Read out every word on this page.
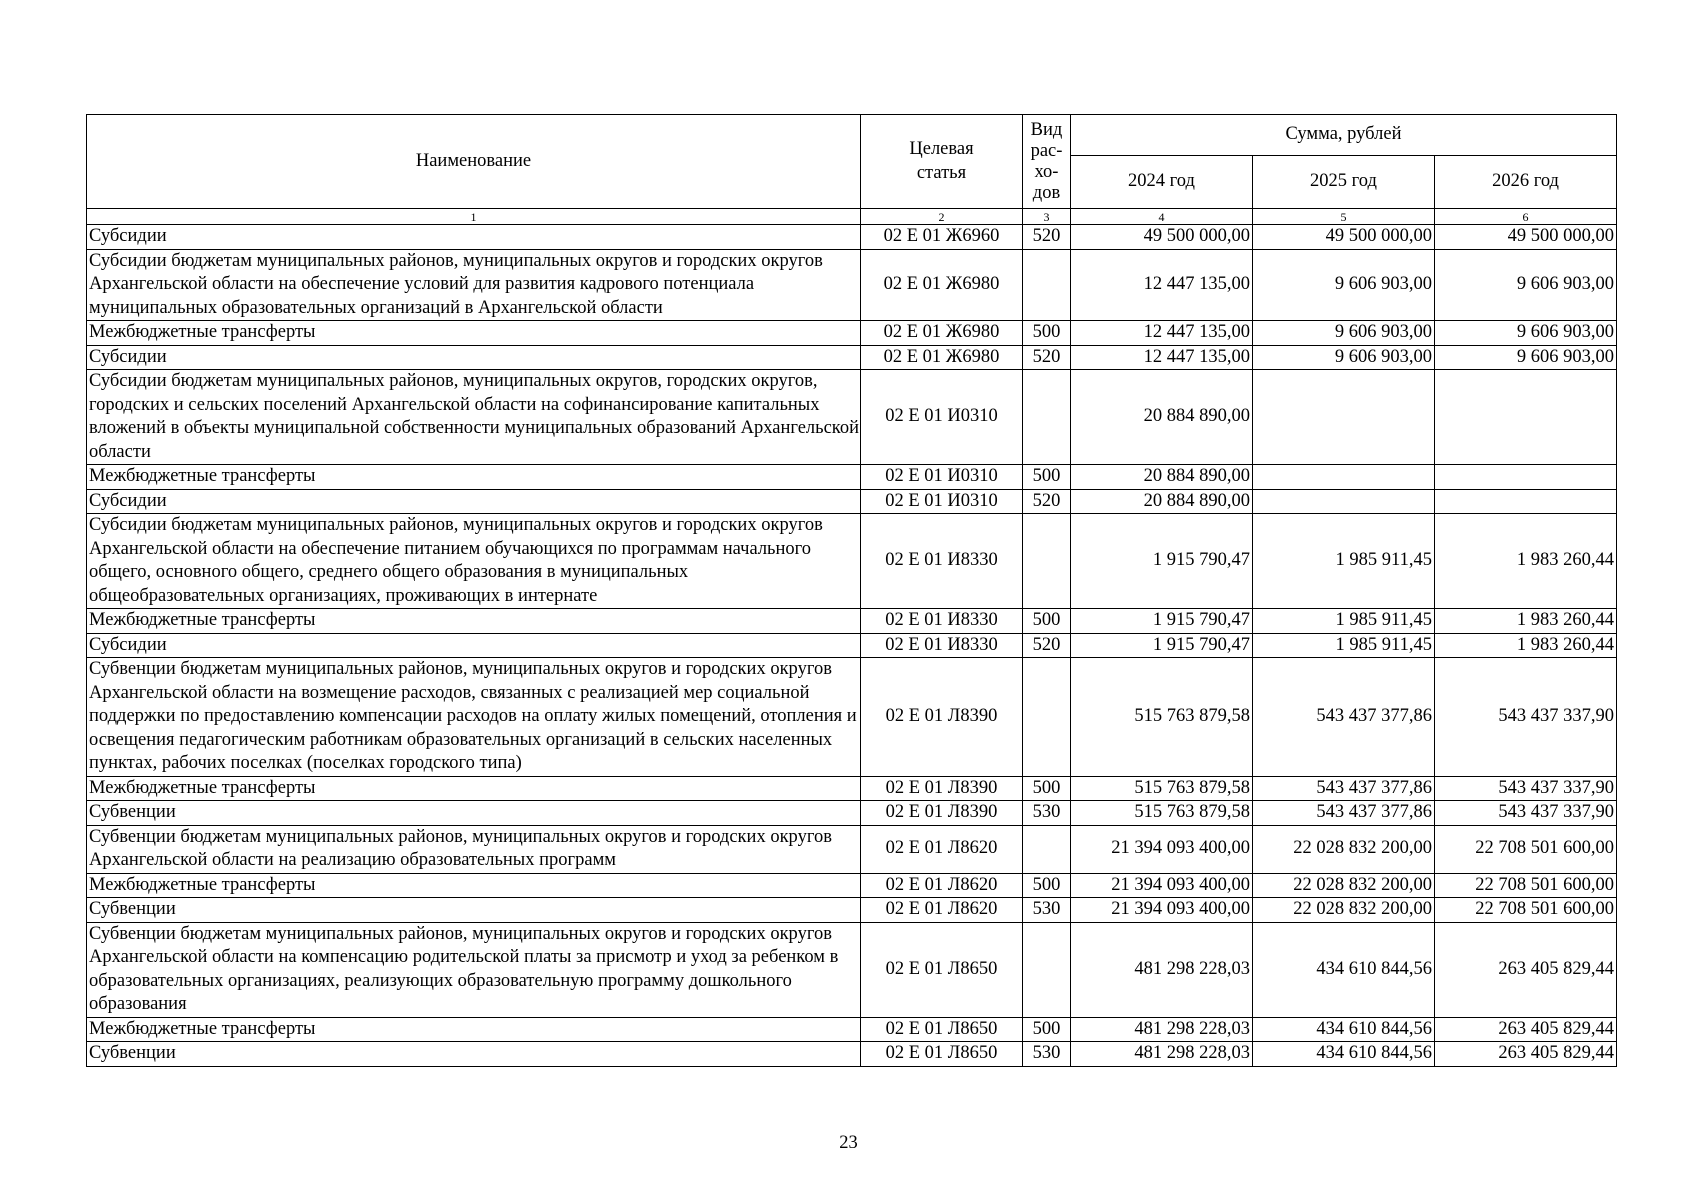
Наименование	Целевая
статья	Вид
рас-
хо-
дов	Сумма, рублей		
			2024 год	2025 год	2026 год
1	2	3	4	5	6
Субсидии	02 Е 01 Ж6960	520	49 500 000,00	49 500 000,00	49 500 000,00
Субсидии бюджетам муниципальных районов, муниципальных округов и городских округов Архангельской области на обеспечение условий для развития кадрового потенциала муниципальных образовательных организаций в Архангельской области	02 Е 01 Ж6980		12 447 135,00	9 606 903,00	9 606 903,00
Межбюджетные трансферты	02 Е 01 Ж6980	500	12 447 135,00	9 606 903,00	9 606 903,00
Субсидии	02 Е 01 Ж6980	520	12 447 135,00	9 606 903,00	9 606 903,00
Субсидии бюджетам муниципальных районов, муниципальных округов, городских округов, городских и сельских поселений Архангельской области на софинансирование капитальных вложений в объекты муниципальной собственности муниципальных образований Архангельской области	02 Е 01 И0310		20 884 890,00		
Межбюджетные трансферты	02 Е 01 И0310	500	20 884 890,00		
Субсидии	02 Е 01 И0310	520	20 884 890,00		
Субсидии бюджетам муниципальных районов, муниципальных округов и городских округов Архангельской области на обеспечение питанием обучающихся по программам начального общего, основного общего, среднего общего образования в муниципальных общеобразовательных организациях, проживающих в интернате	02 Е 01 И8330		1 915 790,47	1 985 911,45	1 983 260,44
Межбюджетные трансферты	02 Е 01 И8330	500	1 915 790,47	1 985 911,45	1 983 260,44
Субсидии	02 Е 01 И8330	520	1 915 790,47	1 985 911,45	1 983 260,44
Субвенции бюджетам муниципальных районов, муниципальных округов и городских округов Архангельской области на возмещение расходов, связанных с реализацией мер социальной поддержки по предоставлению компенсации расходов на оплату жилых помещений, отопления и освещения педагогическим работникам образовательных организаций в сельских населенных пунктах, рабочих поселках (поселках городского типа)	02 Е 01 Л8390		515 763 879,58	543 437 377,86	543 437 337,90
Межбюджетные трансферты	02 Е 01 Л8390	500	515 763 879,58	543 437 377,86	543 437 337,90
Субвенции	02 Е 01 Л8390	530	515 763 879,58	543 437 377,86	543 437 337,90
Субвенции бюджетам муниципальных районов, муниципальных округов и городских округов Архангельской области на реализацию образовательных программ	02 Е 01 Л8620		21 394 093 400,00	22 028 832 200,00	22 708 501 600,00
Межбюджетные трансферты	02 Е 01 Л8620	500	21 394 093 400,00	22 028 832 200,00	22 708 501 600,00
Субвенции	02 Е 01 Л8620	530	21 394 093 400,00	22 028 832 200,00	22 708 501 600,00
Субвенции бюджетам муниципальных районов, муниципальных округов и городских округов Архангельской области на компенсацию родительской платы за присмотр и уход за ребенком в образовательных организациях, реализующих образовательную программу дошкольного образования	02 Е 01 Л8650		481 298 228,03	434 610 844,56	263 405 829,44
Межбюджетные трансферты	02 Е 01 Л8650	500	481 298 228,03	434 610 844,56	263 405 829,44
Субвенции	02 Е 01 Л8650	530	481 298 228,03	434 610 844,56	263 405 829,44
23
